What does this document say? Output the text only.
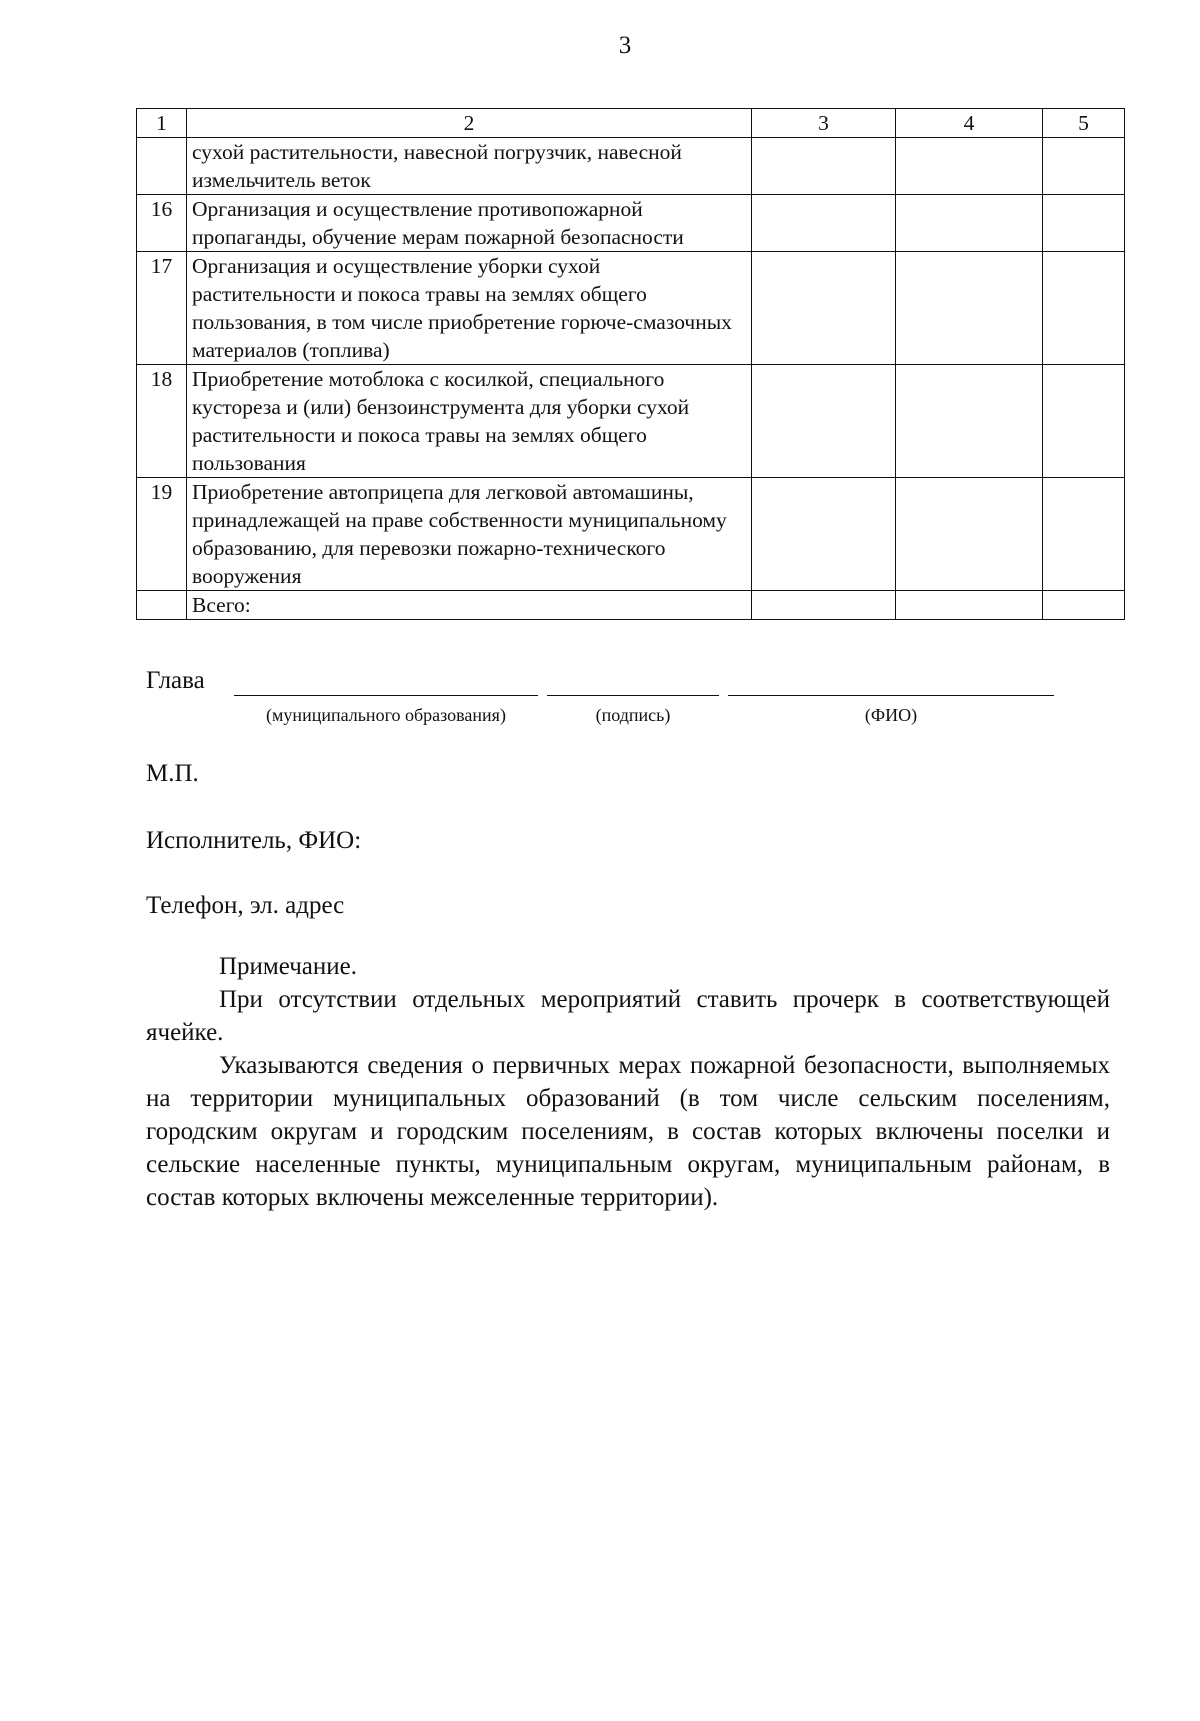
3
1	2	3	4	5
	сухой растительности, навесной погрузчик, навесной измельчитель веток			
16	Организация и осуществление противопожарной пропаганды, обучение мерам пожарной безопасности			
17	Организация и осуществление уборки сухой растительности и покоса травы на землях общего пользования, в том числе приобретение горюче-смазочных материалов (топлива)			
18	Приобретение мотоблока с косилкой, специального кустореза и (или) бензоинструмента для уборки сухой растительности и покоса травы на землях общего пользования			
19	Приобретение автоприцепа для легковой автомашины, принадлежащей на праве собственности муниципальному образованию, для перевозки пожарно-технического вооружения			
	Всего:			
Глава
(муниципального образования)	(подпись)	(ФИО)
М.П.
Исполнитель, ФИО:
Телефон, эл. адрес

Примечание.

При отсутствии отдельных мероприятий ставить прочерк в соответствующей ячейке.

Указываются сведения о первичных мерах пожарной безопасности, выполняемых на территории муниципальных образований (в том числе сельским поселениям, городским округам и городским поселениям, в состав которых включены поселки и сельские населенные пункты, муниципальным округам, муниципальным районам, в состав которых включены межселенные территории).
